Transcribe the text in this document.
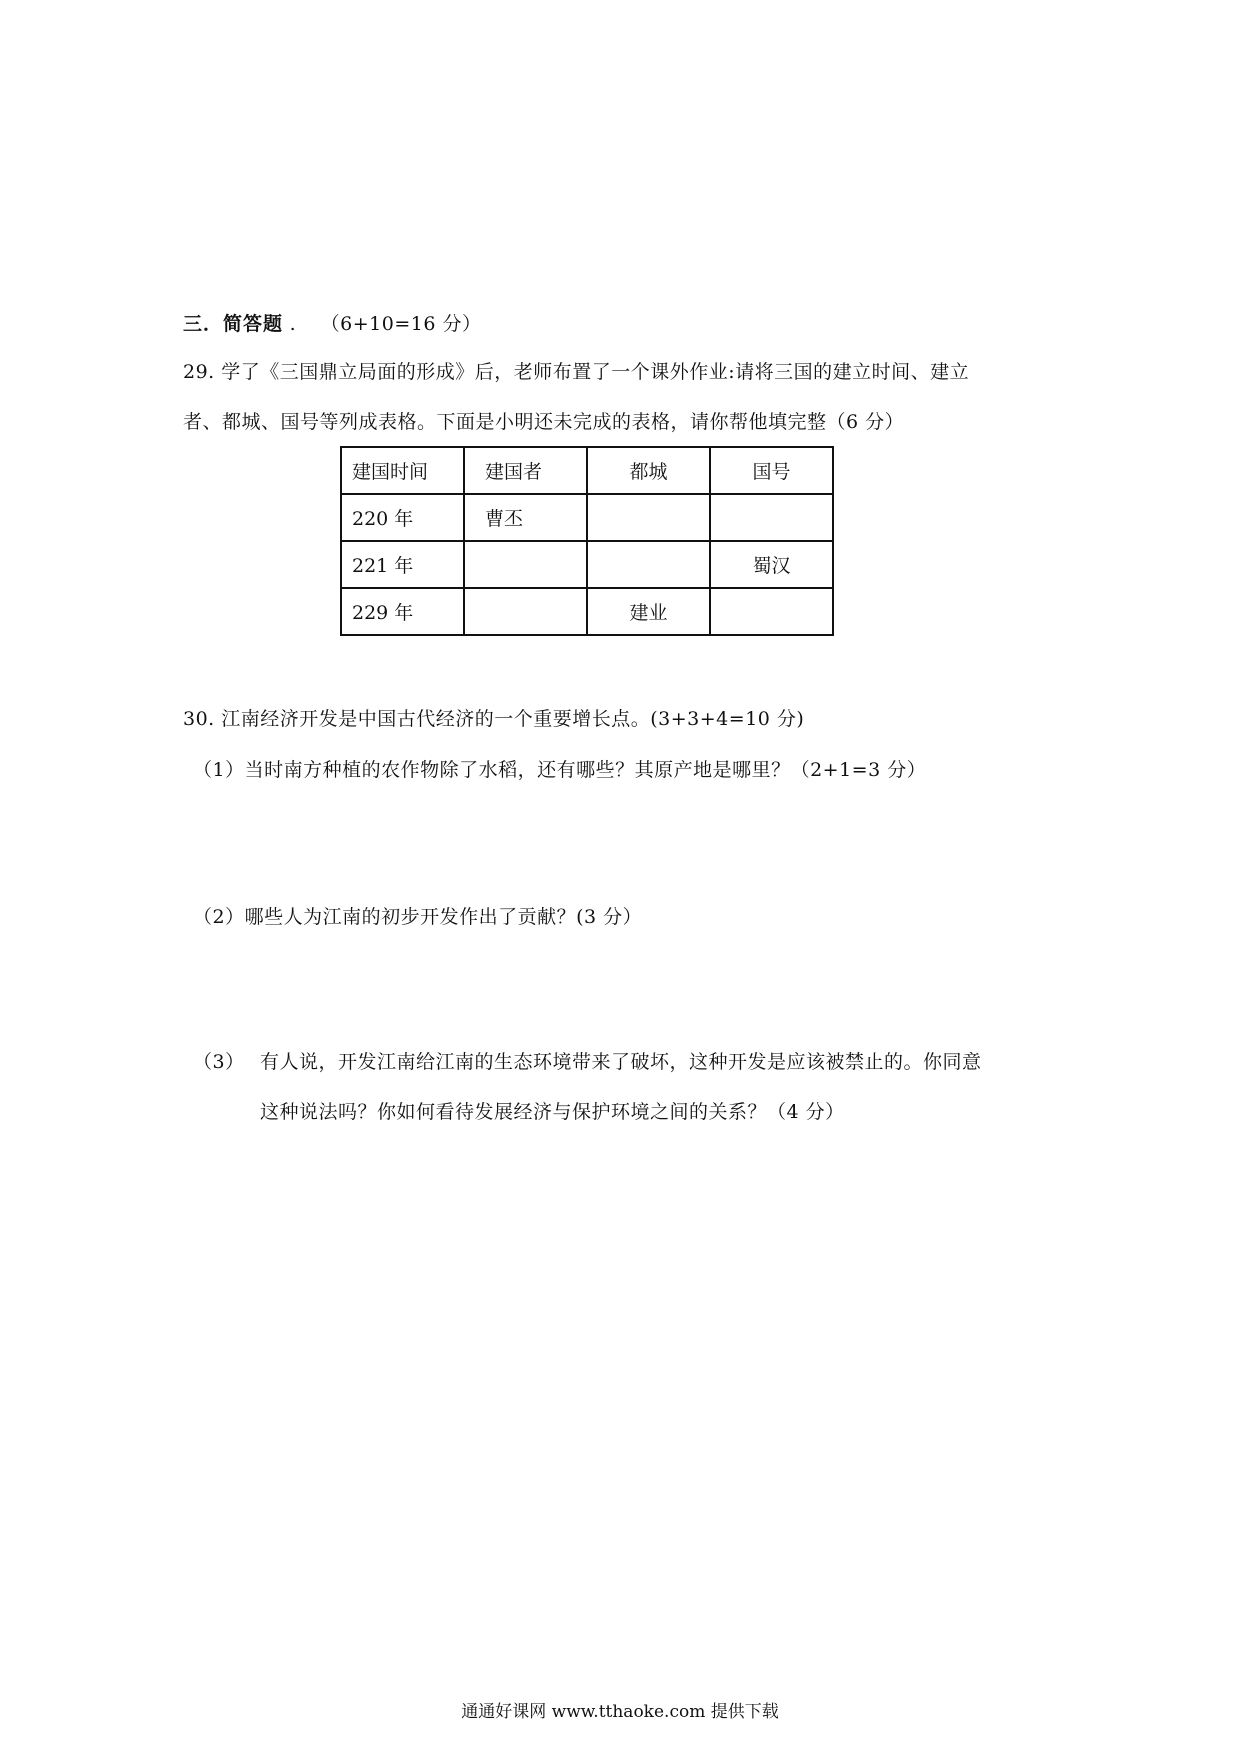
三．简答题 . （6+10=16 分）
29. 学了《三国鼎立局面的形成》后，老师布置了一个课外作业:请将三国的建立时间、建立
者、都城、国号等列成表格。下面是小明还未完成的表格，请你帮他填完整（6 分）
建国时间	建国者	都城	国号
220 年	曹丕		
221 年			蜀汉
229 年		建业	
30. 江南经济开发是中国古代经济的一个重要增长点。(3+3+4=10 分)
（1）当时南方种植的农作物除了水稻，还有哪些？其原产地是哪里？（2+1=3 分）
（2）哪些人为江南的初步开发作出了贡献？(3 分）
（3） 有人说，开发江南给江南的生态环境带来了破坏，这种开发是应该被禁止的。你同意
这种说法吗？你如何看待发展经济与保护环境之间的关系？（4 分）
通通好课网 www.tthaoke.com 提供下载
